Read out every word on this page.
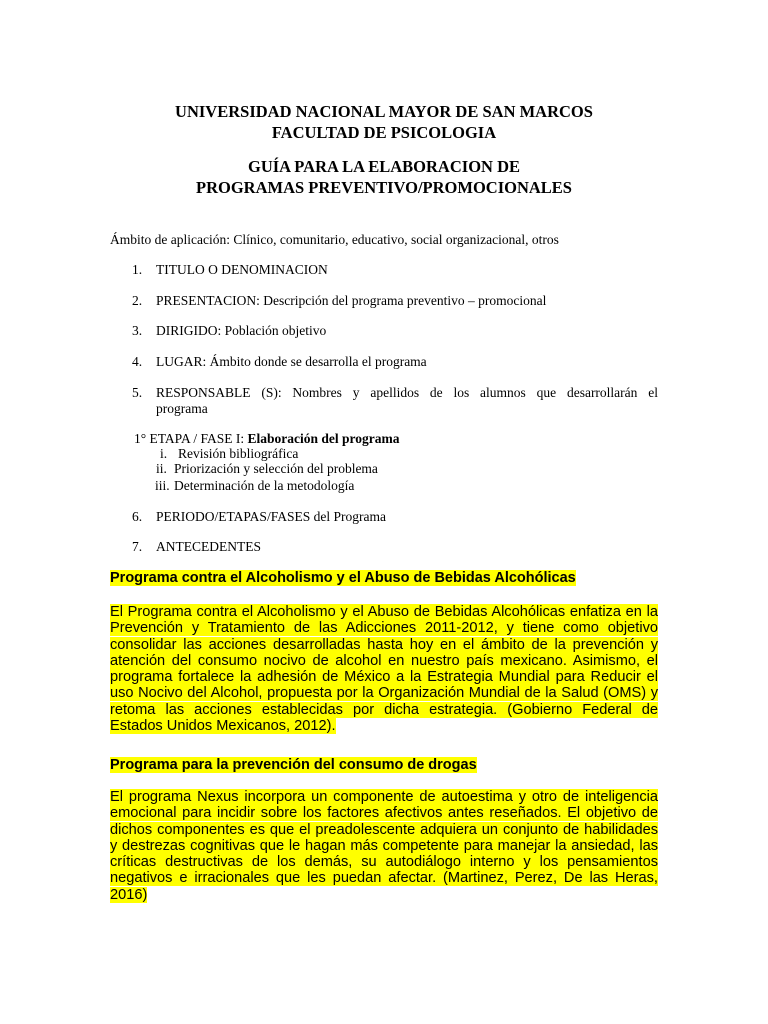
UNIVERSIDAD NACIONAL MAYOR DE SAN MARCOS
FACULTAD DE PSICOLOGIA
GUÍA PARA LA ELABORACION DE
PROGRAMAS PREVENTIVO/PROMOCIONALES
Ámbito de aplicación: Clínico, comunitario, educativo, social organizacional, otros
1. TITULO O DENOMINACION
2. PRESENTACION: Descripción del programa preventivo – promocional
3. DIRIGIDO: Población objetivo
4. LUGAR: Ámbito donde se desarrolla el programa
5. RESPONSABLE (S): Nombres y apellidos de los alumnos que desarrollarán el
programa
1° ETAPA / FASE I: Elaboración del programa
i. Revisión bibliográfica
ii. Priorización y selección del problema
iii. Determinación de la metodología
6. PERIODO/ETAPAS/FASES del Programa
7. ANTECEDENTES
Programa contra el Alcoholismo y el Abuso de Bebidas Alcohólicas
El Programa contra el Alcoholismo y el Abuso de Bebidas Alcohólicas enfatiza en la Prevención y Tratamiento de las Adicciones 2011-2012, y tiene como objetivo consolidar las acciones desarrolladas hasta hoy en el ámbito de la prevención y atención del consumo nocivo de alcohol en nuestro país mexicano. Asimismo, el programa fortalece la adhesión de México a la Estrategia Mundial para Reducir el uso Nocivo del Alcohol, propuesta por la Organización Mundial de la Salud (OMS) y retoma las acciones establecidas por dicha estrategia. (Gobierno Federal de Estados Unidos Mexicanos, 2012).
Programa para la prevención del consumo de drogas
El programa Nexus incorpora un componente de autoestima y otro de inteligencia emocional para incidir sobre los factores afectivos antes reseñados. El objetivo de dichos componentes es que el preadolescente adquiera un conjunto de habilidades y destrezas cognitivas que le hagan más competente para manejar la ansiedad, las críticas destructivas de los demás, su autodiálogo interno y los pensamientos negativos e irracionales que les puedan afectar. (Martinez, Perez, De las Heras, 2016)
